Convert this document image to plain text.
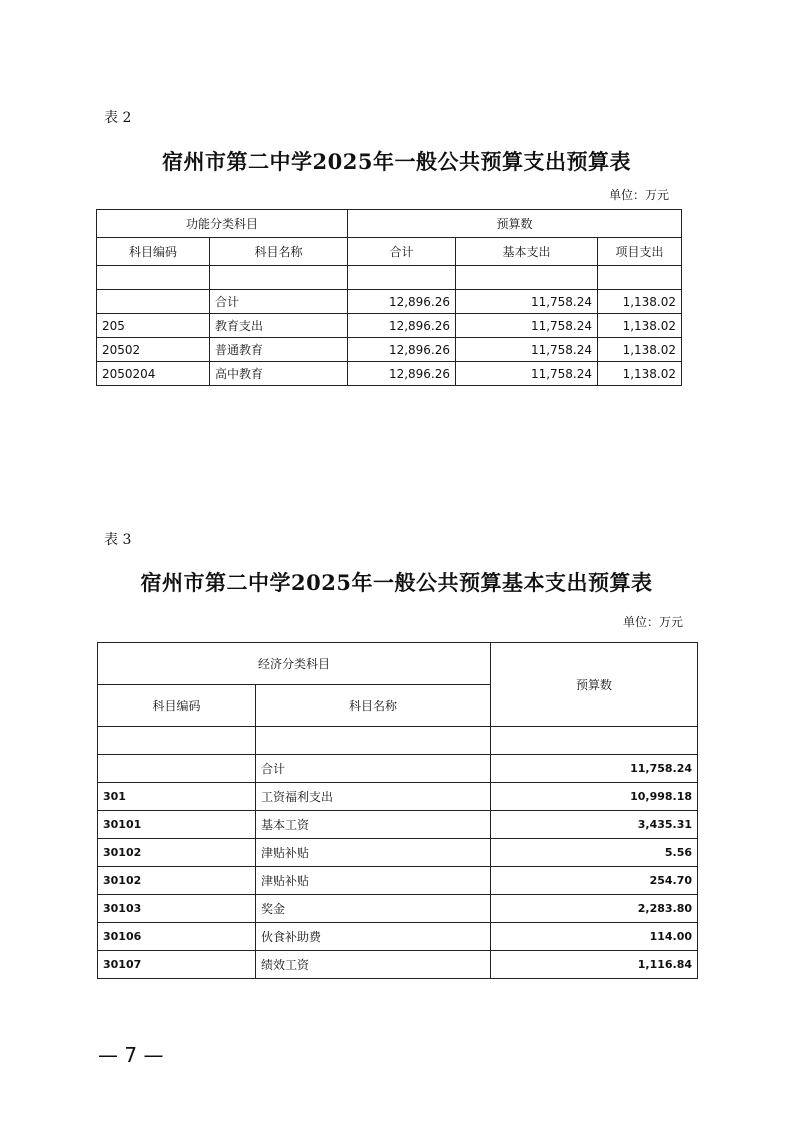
表 2
宿州市第二中学2025年一般公共预算支出预算表
单位：万元
功能分类科目		预算数		
科目编码	科目名称	合计	基本支出	项目支出

	合计	12,896.26	11,758.24	1,138.02
205	教育支出	12,896.26	11,758.24	1,138.02
20502	普通教育	12,896.26	11,758.24	1,138.02
2050204	高中教育	12,896.26	11,758.24	1,138.02
表 3
宿州市第二中学2025年一般公共预算基本支出预算表
单位：万元
经济分类科目		预算数
科目编码	科目名称	

	合计	11,758.24
301	工资福利支出	10,998.18
30101	基本工资	3,435.31
30102	津贴补贴	5.56
30102	津贴补贴	254.70
30103	奖金	2,283.80
30106	伙食补助费	114.00
30107	绩效工资	1,116.84
— 7 —
